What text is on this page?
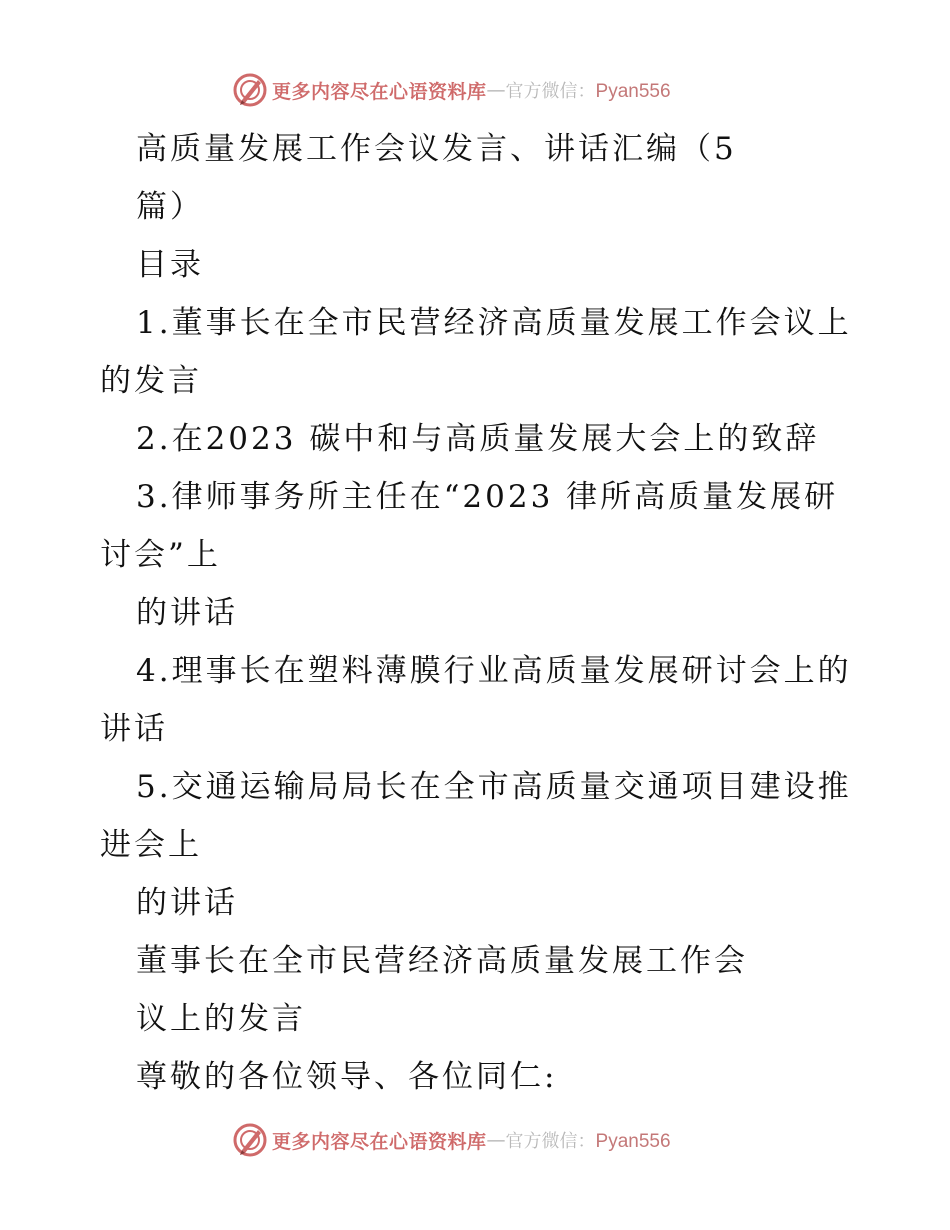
更多内容尽在心语资料库 — 官方微信：Pyan556
高质量发展工作会议发言、讲话汇编（5
篇）
目录
1.董事长在全市民营经济高质量发展工作会议上
的发言
2.在2023 碳中和与高质量发展大会上的致辞
3.律师事务所主任在“2023 律所高质量发展研
讨会”上
的讲话
4.理事长在塑料薄膜行业高质量发展研讨会上的
讲话
5.交通运输局局长在全市高质量交通项目建设推
进会上
的讲话
董事长在全市民营经济高质量发展工作会
议上的发言
尊敬的各位领导、各位同仁:
更多内容尽在心语资料库 — 官方微信：Pyan556
